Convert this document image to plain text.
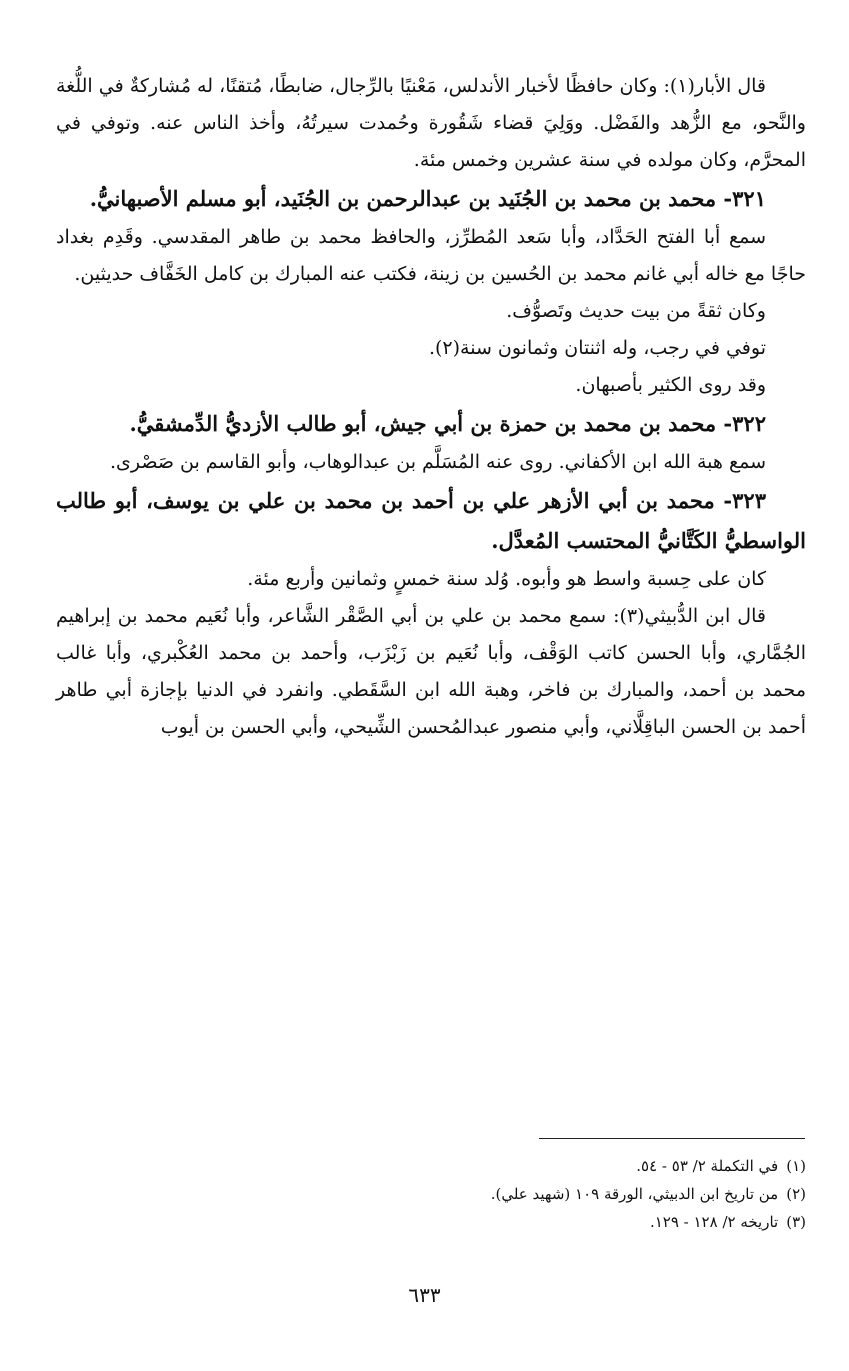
قال الأبار(١): وكان حافظًا لأخبار الأندلس، مَعْنيًا بالرِّجال، ضابطًا، مُتقنًا، له مُشاركةٌ في اللُّغة والنَّحو، مع الزُّهد والفَضْل. ووَلِيَ قضاء شَقُورة وحُمدت سيرتُهُ، وأخذ الناس عنه. وتوفي في المحرَّم، وكان مولده في سنة عشرين وخمس مئة.

٣٢١- محمد بن محمد بن الجُنَيد بن عبدالرحمن بن الجُنَيد، أبو مسلم الأصبهانيُّ.

سمع أبا الفتح الحَدَّاد، وأبا سَعد المُطرِّز، والحافظ محمد بن طاهر المقدسي. وقَدِم بغداد حاجًا مع خاله أبي غانم محمد بن الحُسين بن زينة، فكتب عنه المبارك بن كامل الخَفَّاف حديثين.

وكان ثقةً من بيت حديث وتَصوُّف.

توفي في رجب، وله اثنتان وثمانون سنة(٢).

وقد روى الكثير بأصبهان.

٣٢٢- محمد بن محمد بن حمزة بن أبي جيش، أبو طالب الأزديُّ الدِّمشقيُّ.

سمع هبة الله ابن الأكفاني. روى عنه المُسَلَّم بن عبدالوهاب، وأبو القاسم بن صَصْرى.

٣٢٣- محمد بن أبي الأزهر علي بن أحمد بن محمد بن علي بن يوسف، أبو طالب الواسطيُّ الكَتَّانيُّ المحتسب المُعدَّل.

كان على حِسبة واسط هو وأبوه. وُلد سنة خمسٍ وثمانين وأربع مئة.

قال ابن الدُّبيثي(٣): سمع محمد بن علي بن أبي الصَّقْر الشَّاعر، وأبا نُعَيم محمد بن إبراهيم الجُمَّاري، وأبا الحسن كاتب الوَقْف، وأبا نُعَيم بن زَبْزَب، وأحمد بن محمد العُكْبري، وأبا غالب محمد بن أحمد، والمبارك بن فاخر، وهبة الله ابن السَّقَطي. وانفرد في الدنيا بإجازة أبي طاهر أحمد بن الحسن الباقِلَّاني، وأبي منصور عبدالمُحسن الشِّيحي، وأبي الحسن بن أيوب

(١)في التكملة ٢/ ٥٣ - ٥٤.
(٢)من تاريخ ابن الدبيثي، الورقة ١٠٩ (شهيد علي).
(٣)تاريخه ٢/ ١٢٨ - ١٢٩.
٦٣٣
